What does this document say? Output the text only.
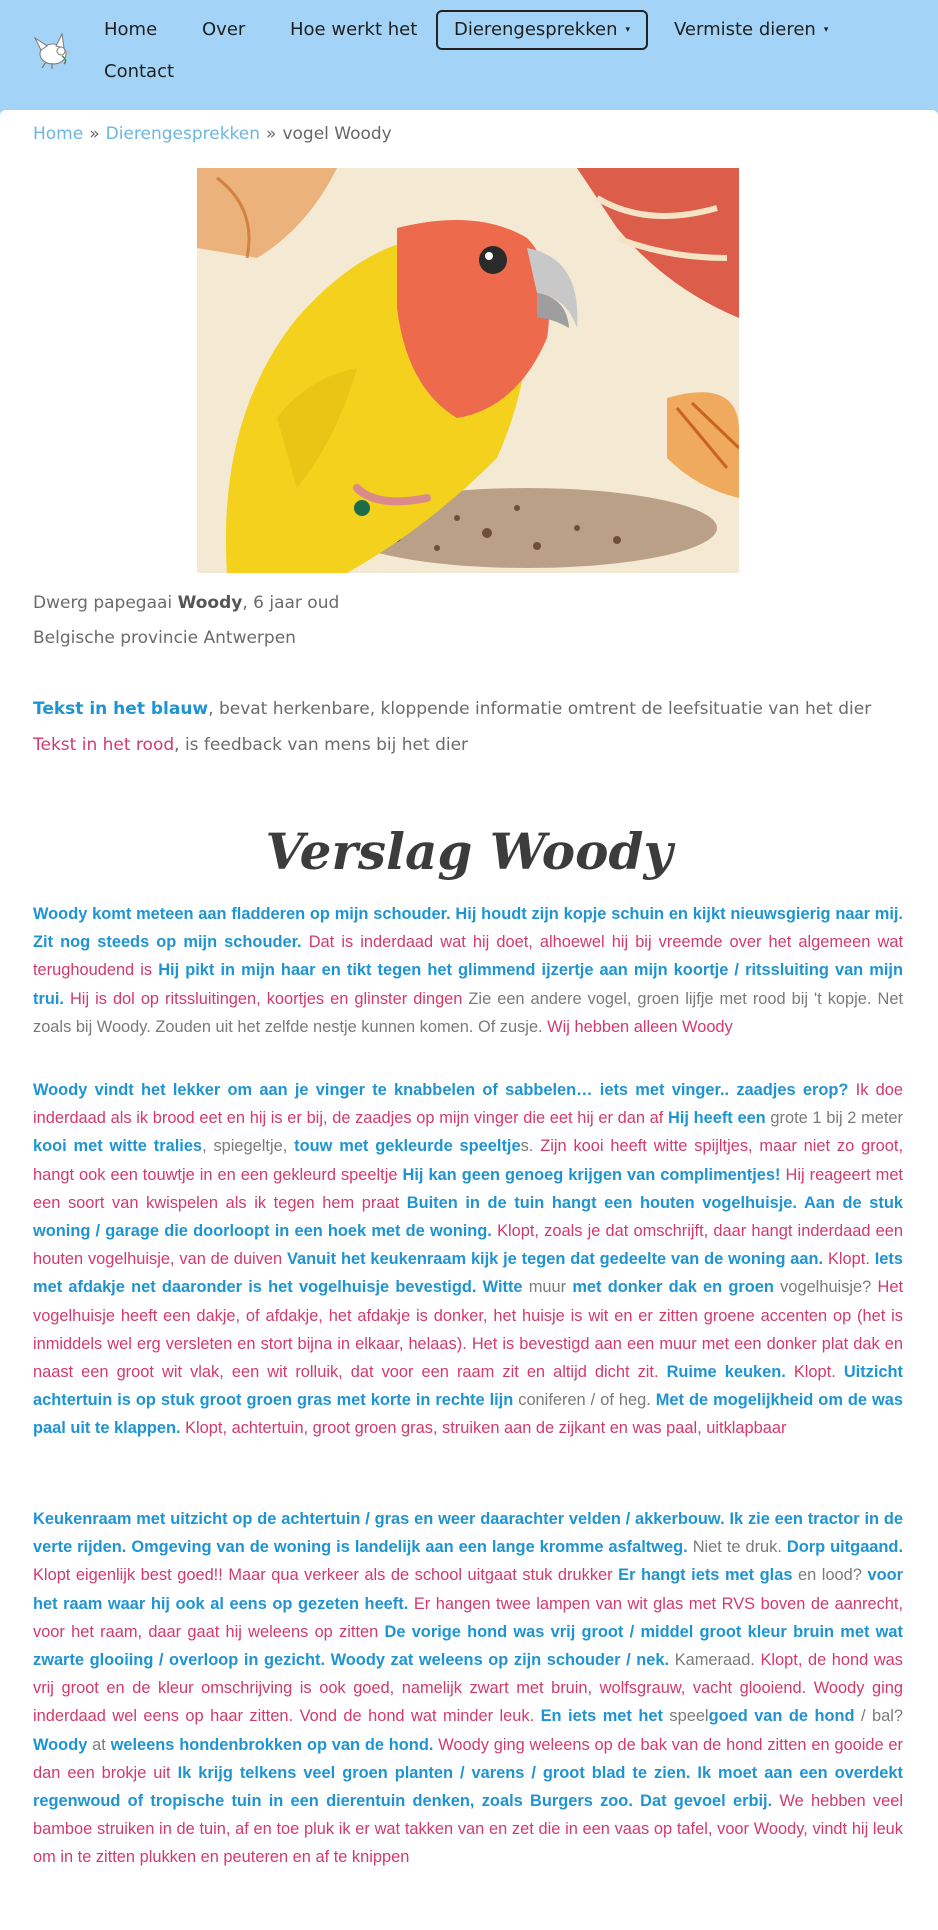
Home	Over	Hoe werkt het	Dierengesprekken ▾	Vermiste dieren ▾
Contact
Home » Dierengesprekken » vogel Woody
Dwerg papegaai Woody, 6 jaar oud
Belgische provincie Antwerpen
Tekst in het blauw, bevat herkenbare, kloppende informatie omtrent de leefsituatie van het dier
Tekst in het rood, is feedback van mens bij het dier
Verslag Woody

Woody komt meteen aan fladderen op mijn schouder. Hij houdt zijn kopje schuin en kijkt nieuwsgierig naar mij. Zit nog steeds op mijn schouder. Dat is inderdaad wat hij doet, alhoewel hij bij vreemde over het algemeen wat terughoudend is Hij pikt in mijn haar en tikt tegen het glimmend ijzertje aan mijn koortje / ritssluiting van mijn trui. Hij is dol op ritssluitingen, koortjes en glinster dingen Zie een andere vogel, groen lijfje met rood bij 't kopje. Net zoals bij Woody. Zouden uit het zelfde nestje kunnen komen. Of zusje. Wij hebben alleen Woody

Woody vindt het lekker om aan je vinger te knabbelen of sabbelen… iets met vinger.. zaadjes erop? Ik doe inderdaad als ik brood eet en hij is er bij, de zaadjes op mijn vinger die eet hij er dan af Hij heeft een grote 1 bij 2 meter kooi met witte tralies, spiegeltje, touw met gekleurde speeltjes. Zijn kooi heeft witte spijltjes, maar niet zo groot, hangt ook een touwtje in en een gekleurd speeltje Hij kan geen genoeg krijgen van complimentjes! Hij reageert met een soort van kwispelen als ik tegen hem praat Buiten in de tuin hangt een houten vogelhuisje. Aan de stuk woning / garage die doorloopt in een hoek met de woning. Klopt, zoals je dat omschrijft, daar hangt inderdaad een houten vogelhuisje, van de duiven Vanuit het keukenraam kijk je tegen dat gedeelte van de woning aan. Klopt. Iets met afdakje net daaronder is het vogelhuisje bevestigd. Witte muur met donker dak en groen vogelhuisje? Het vogelhuisje heeft een dakje, of afdakje, het afdakje is donker, het huisje is wit en er zitten groene accenten op (het is inmiddels wel erg versleten en stort bijna in elkaar, helaas). Het is bevestigd aan een muur met een donker plat dak en naast een groot wit vlak, een wit rolluik, dat voor een raam zit en altijd dicht zit. Ruime keuken. Klopt. Uitzicht achtertuin is op stuk groot groen gras met korte in rechte lijn coniferen / of heg. Met de mogelijkheid om de was paal uit te klappen. Klopt, achtertuin, groot groen gras, struiken aan de zijkant en was paal, uitklapbaar

Keukenraam met uitzicht op de achtertuin / gras en weer daarachter velden / akkerbouw. Ik zie een tractor in de verte rijden. Omgeving van de woning is landelijk aan een lange kromme asfaltweg. Niet te druk. Dorp uitgaand. Klopt eigenlijk best goed!! Maar qua verkeer als de school uitgaat stuk drukker Er hangt iets met glas en lood? voor het raam waar hij ook al eens op gezeten heeft. Er hangen twee lampen van wit glas met RVS boven de aanrecht, voor het raam, daar gaat hij weleens op zitten De vorige hond was vrij groot / middel groot kleur bruin met wat zwarte glooiing / overloop in gezicht. Woody zat weleens op zijn schouder / nek. Kameraad. Klopt, de hond was vrij groot en de kleur omschrijving is ook goed, namelijk zwart met bruin, wolfsgrauw, vacht glooiend. Woody ging inderdaad wel eens op haar zitten. Vond de hond wat minder leuk. En iets met het speelgoed van de hond / bal? Woody at weleens hondenbrokken op van de hond. Woody ging weleens op de bak van de hond zitten en gooide er dan een brokje uit Ik krijg telkens veel groen planten / varens / groot blad te zien. Ik moet aan een overdekt regenwoud of tropische tuin in een dierentuin denken, zoals Burgers zoo. Dat gevoel erbij. We hebben veel bamboe struiken in de tuin, af en toe pluk ik er wat takken van en zet die in een vaas op tafel, voor Woody, vindt hij leuk om in te zitten plukken en peuteren en af te knippen
